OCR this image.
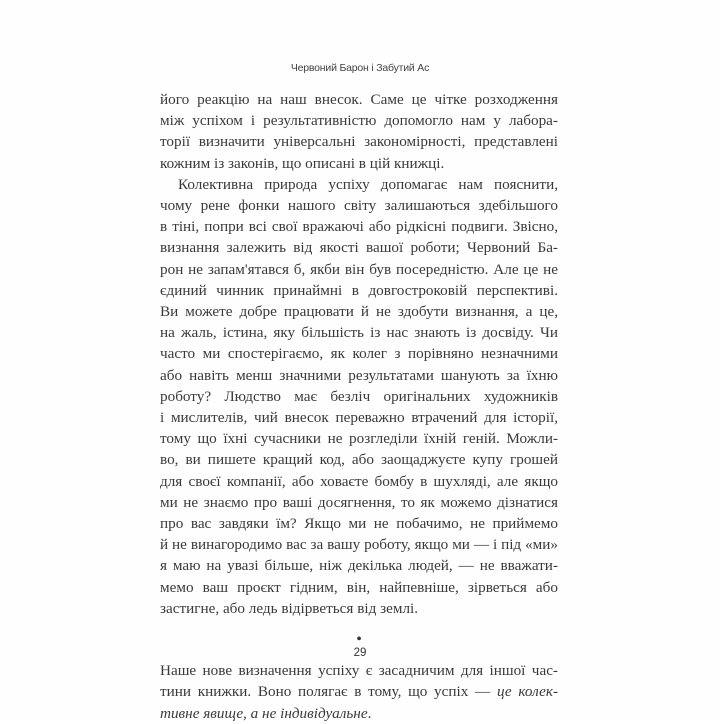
Червоний Барон і Забутий Ас
його реакцію на наш внесок. Саме це чітке розходження
між успіхом і результативністю допомогло нам у лабора-
торії визначити універсальні закономірності, представлені
кожним із законів, що описані в цій книжці.
Колективна природа успіху допомагає нам пояснити,
чому рене фонки нашого світу залишаються здебільшого
в тіні, попри всі свої вражаючі або рідкісні подвиги. Звісно,
визнання залежить від якості вашої роботи; Червоний Ба-
рон не запам'ятався б, якби він був посередністю. Але це не
єдиний чинник принаймні в довгостроковій перспективі.
Ви можете добре працювати й не здобути визнання, а це,
на жаль, істина, яку більшість із нас знають із досвіду. Чи
часто ми спостерігаємо, як колег з порівняно незначними
або навіть менш значними результатами шанують за їхню
роботу? Людство має безліч оригінальних художників
і мислителів, чий внесок переважно втрачений для історії,
тому що їхні сучасники не розгледіли їхній геній. Можли-
во, ви пишете кращий код, або заощаджуєте купу грошей
для своєї компанії, або ховаєте бомбу в шухляді, але якщо
ми не знаємо про ваші досягнення, то як можемо дізнатися
про вас завдяки їм? Якщо ми не побачимо, не приймемо
й не винагородимо вас за вашу роботу, якщо ми — і під «ми»
я маю на увазі більше, ніж декілька людей, — не вважати-
мемо ваш проєкт гідним, він, найпевніше, зірветься або
застигне, або ледь відірветься від землі.
•
Наше нове визначення успіху є засадничим для іншої час-
тини книжки. Воно полягає в тому, що успіх — це колек-
тивне явище, а не індивідуальне.
29
